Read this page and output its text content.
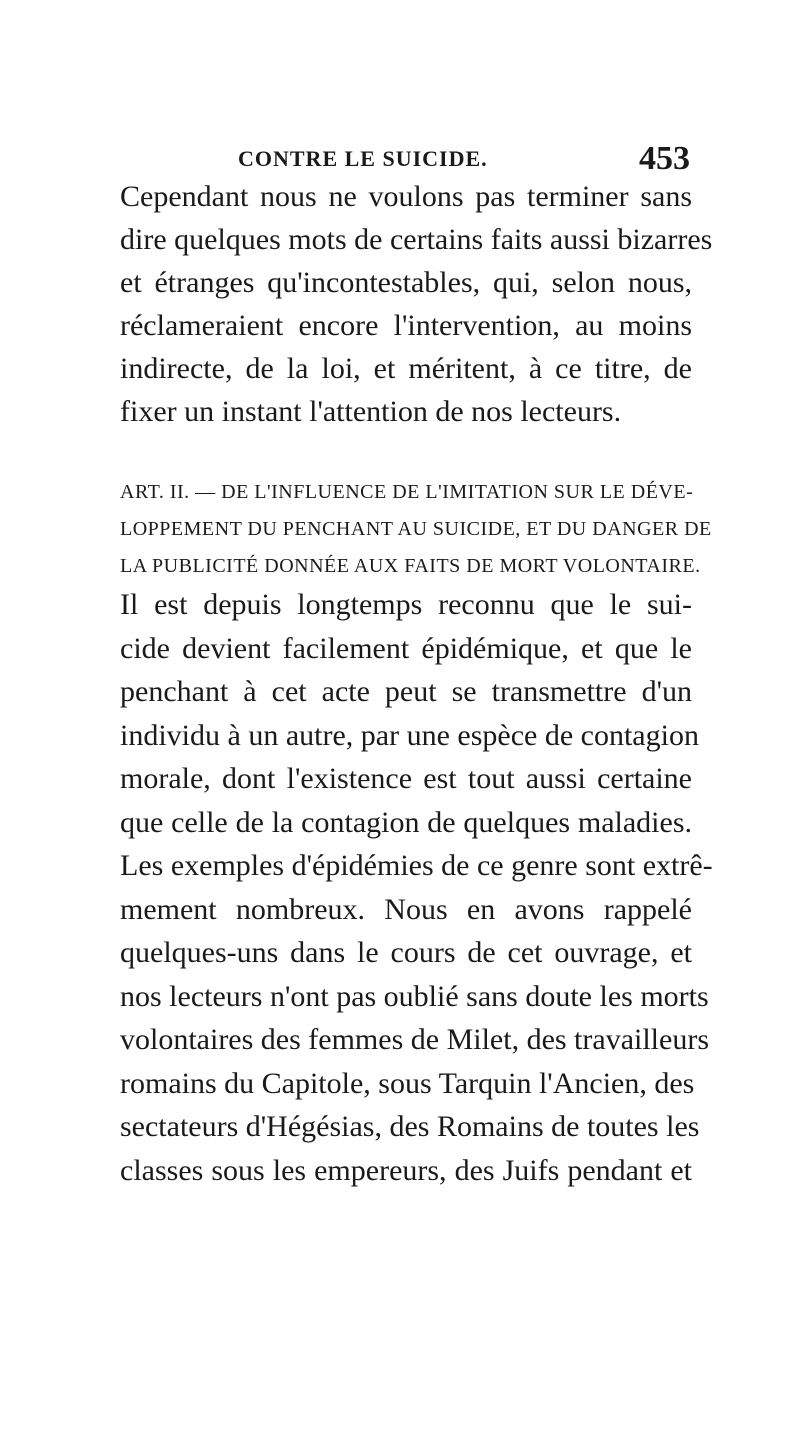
CONTRE LE SUICIDE.	453
Cependant nous ne voulons pas terminer sans
dire quelques mots de certains faits aussi bizarres
et étranges qu'incontestables, qui, selon nous,
réclameraient encore l'intervention, au moins
indirecte, de la loi, et méritent, à ce titre, de
fixer un instant l'attention de nos lecteurs.
ART. II. — DE L'INFLUENCE DE L'IMITATION SUR LE DÉVE-
LOPPEMENT DU PENCHANT AU SUICIDE, ET DU DANGER DE
LA PUBLICITÉ DONNÉE AUX FAITS DE MORT VOLONTAIRE.
Il est depuis longtemps reconnu que le sui-
cide devient facilement épidémique, et que le
penchant à cet acte peut se transmettre d'un
individu à un autre, par une espèce de contagion
morale, dont l'existence est tout aussi certaine
que celle de la contagion de quelques maladies.
Les exemples d'épidémies de ce genre sont extrê-
mement nombreux. Nous en avons rappelé
quelques-uns dans le cours de cet ouvrage, et
nos lecteurs n'ont pas oublié sans doute les morts
volontaires des femmes de Milet, des travailleurs
romains du Capitole, sous Tarquin l'Ancien, des
sectateurs d'Hégésias, des Romains de toutes les
classes sous les empereurs, des Juifs pendant et
